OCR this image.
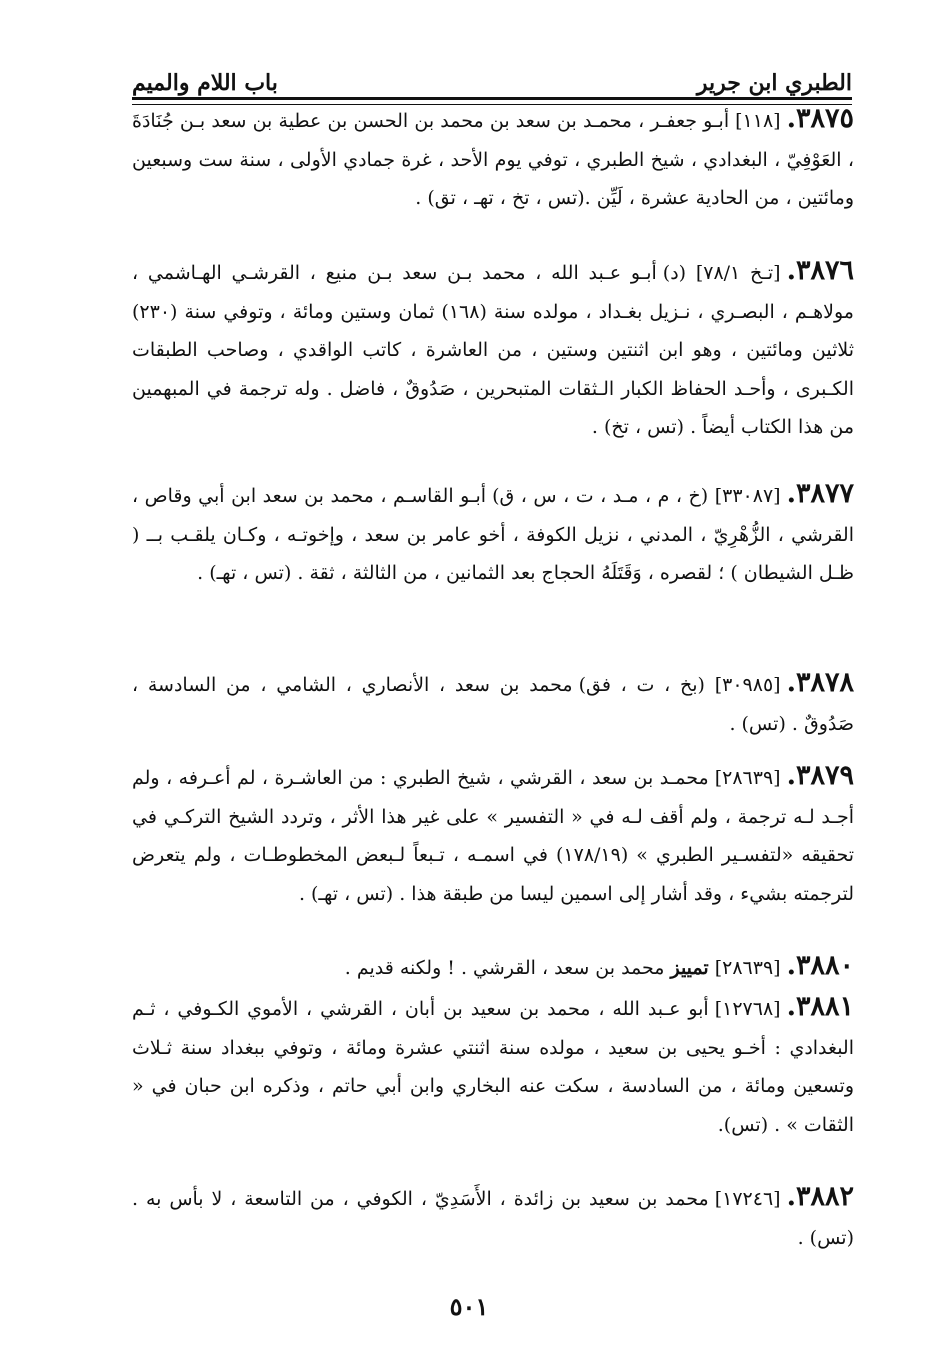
الطبري ابن جرير
باب اللام والميم
٣٨٧٥.[١١٨]أبـو جعفـر ، محمـد بن سعد بن محمد بن الحسن بن عطية بن سعد بـن جُنَادَةَ ، العَوْفِيّ ، البغدادي ، شيخ الطبري ، توفي يوم الأحد ، غرة جمادي الأولى ، سنة ست وسبعين ومائتين ، من الحادية عشرة ، لَيِّن .(تس ، تخ ، تهـ ، تق) .
٣٨٧٦.[تـخ ٧٨/١] (د)أبـو عـبد الله ، محمد بـن سعد بـن منيع ، القرشـي الهـاشمي ، مولاهـم ، البصـري ، نـزيل بغـداد ، مولده سنة (١٦٨) ثمان وستين ومائة ، وتوفي سنة (٢٣٠) ثلاثين ومائتين ، وهو ابن اثنتين وستين ، من العاشرة ، كاتب الواقدي ، وصاحب الطبقات الكـبرى ، وأحـد الحفاظ الكبار الـثقات المتبحرين ، صَدُوقٌ ، فاضل . وله ترجمة في المبهمين من هذا الكتاب أيضاً . (تس ، تخ) .
٣٨٧٧.[٣٣٠٨٧] (خ ، م ، مـد ، ت ، س ، ق)أبـو القاسـم ، محمد بن سعد ابن أبي وقاص ، القرشي ، الزُّهْرِيّ ، المدني ، نزيل الكوفة ، أخو عامر بن سعد ، وإخوتـه ، وكـان يلقـب بــ ( ظـل الشيطان ) ؛ لقصره ، وَقَتَلَهُ الحجاج بعد الثمانين ، من الثالثة ، ثقة . (تس ، تهـ) .
٣٨٧٨.[٣٠٩٨٥] (بخ ، ت ، فق)محمد بن سعد ، الأنصاري ، الشامي ، من السادسة ، صَدُوقٌ . (تس) .
٣٨٧٩.[٢٨٦٣٩]محمـد بن سعد ، القرشي ، شيخ الطبري : من العاشـرة ، لم أعـرفه ، ولم أجـد لـه ترجمة ، ولم أقف لـه في « التفسير » على غير هذا الأثر ، وتردد الشيخ التركـي في تحقيقه «لتفسـير الطبري » (١٧٨/١٩) في اسمـه ، تـبعاً لـبعض المخطوطـات ، ولم يتعرض لترجمته بشيء ، وقد أشار إلى اسمين ليسا من طبقة هذا . (تس ، تهـ) .
٣٨٨٠.[٢٨٦٣٩]تمييزمحمد بن سعد ، القرشي . ! ولكنه قديم .
٣٨٨١.[١٢٧٦٨]أبو عـبد الله ، محمد بن سعيد بن أبان ، القرشي ، الأموي الكـوفي ، ثـم البغدادي : أخـو يحيى بن سعيد ، مولده سنة اثنتي عشرة ومائة ، وتوفي ببغداد سنة ثـلاث وتسعين ومائة ، من السادسة ، سكت عنه البخاري وابن أبي حاتم ، وذكره ابن حبان في « الثقات » . (تس).
٣٨٨٢.[١٧٢٤٦]محمد بن سعيد بن زائدة ، الأَسَدِيّ ، الكوفي ، من التاسعة ، لا بأس به . (تس) .
٥٠١
